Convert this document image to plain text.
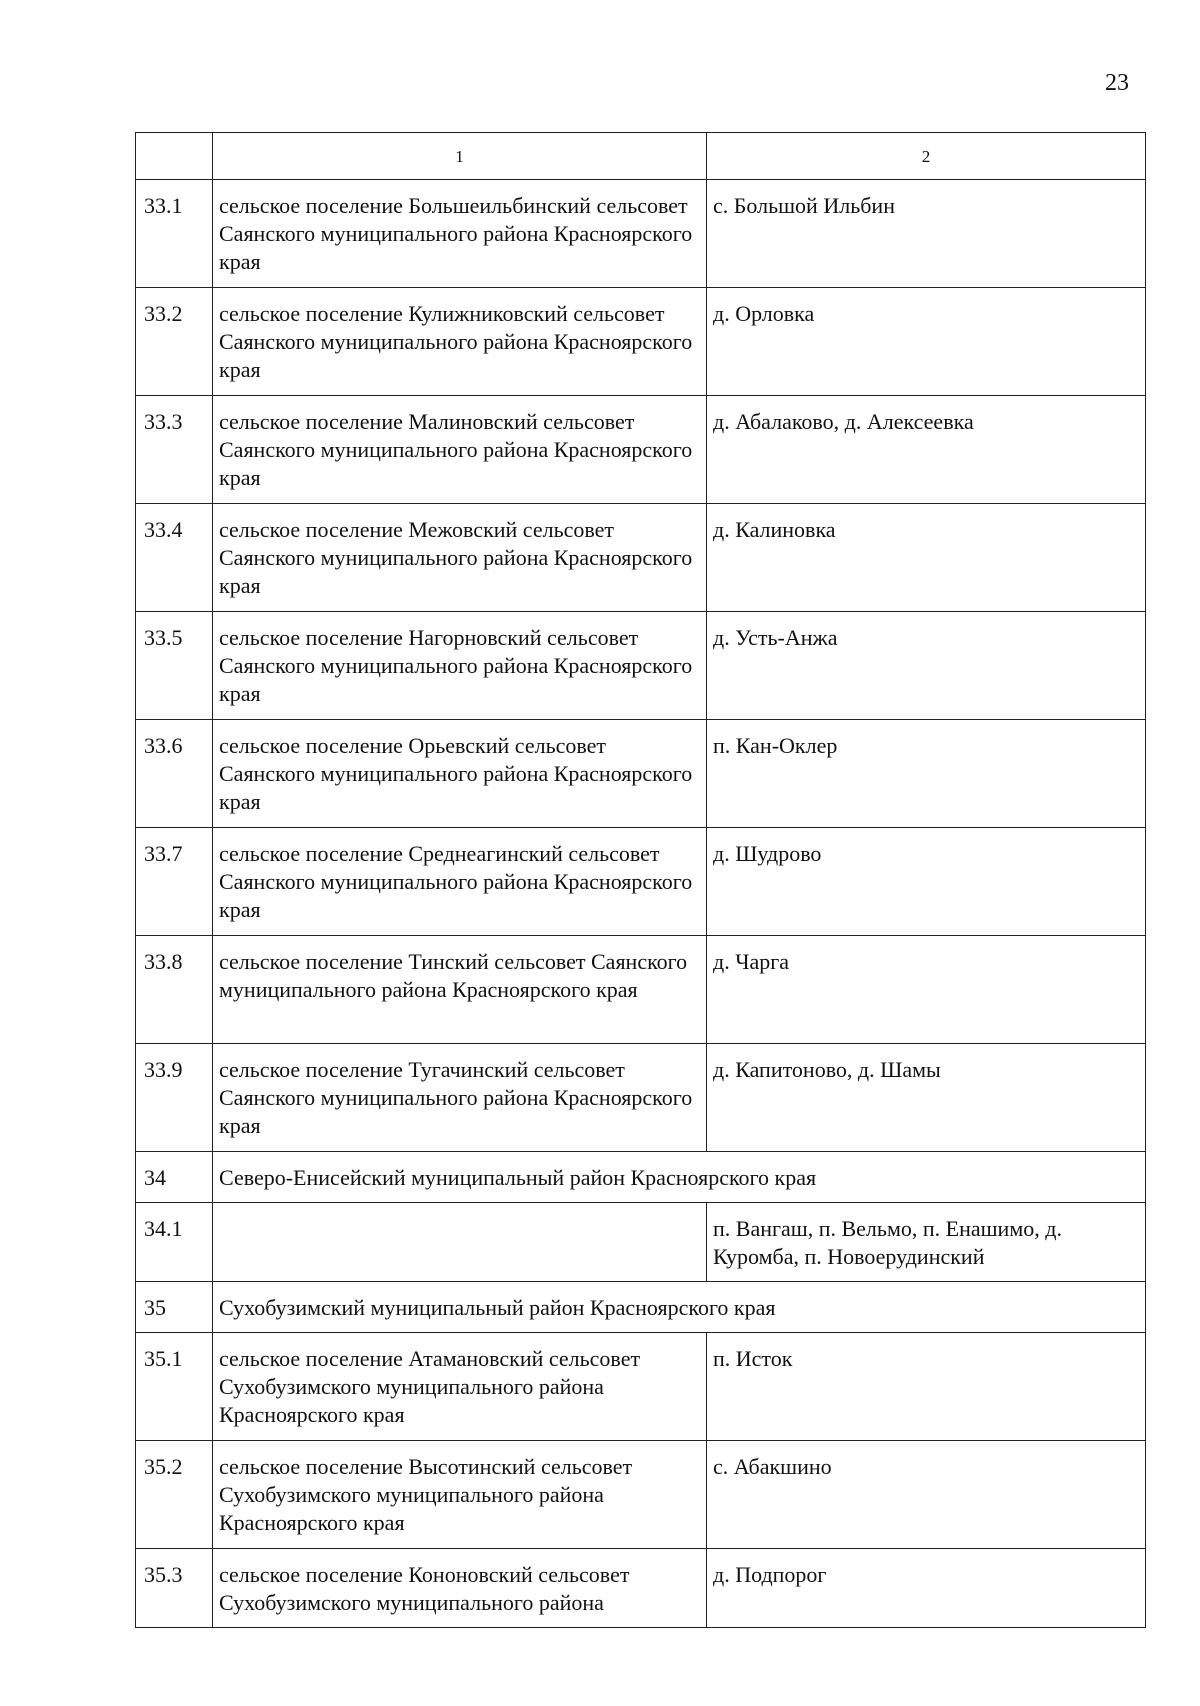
23
	1	2
33.1	сельское поселение Большеильбинский сельсовет Саянского муниципального района Красноярского края	с. Большой Ильбин
33.2	сельское поселение Кулижниковский сельсовет Саянского муниципального района Красноярского края	д. Орловка
33.3	сельское поселение Малиновский сельсовет Саянского муниципального района Красноярского края	д. Абалаково, д. Алексеевка
33.4	сельское поселение Межовский сельсовет Саянского муниципального района Красноярского края	д. Калиновка
33.5	сельское поселение Нагорновский сельсовет Саянского муниципального района Красноярского края	д. Усть-Анжа
33.6	сельское поселение Орьевский сельсовет Саянского муниципального района Красноярского края	п. Кан-Оклер
33.7	сельское поселение Среднеагинский сельсовет Саянского муниципального района Красноярского края	д. Шудрово
33.8	сельское поселение Тинский сельсовет Саянского муниципального района Красноярского края	д. Чарга
33.9	сельское поселение Тугачинский сельсовет Саянского муниципального района Красноярского края	д. Капитоново, д. Шамы
34	Северо-Енисейский муниципальный район Красноярского края	
34.1		п. Вангаш, п. Вельмо, п. Енашимо, д. Куромба, п. Новоерудинский
35	Сухобузимский муниципальный район Красноярского края	
35.1	сельское поселение Атамановский сельсовет Сухобузимского муниципального района Красноярского края	п. Исток
35.2	сельское поселение Высотинский сельсовет Сухобузимского муниципального района Красноярского края	с. Абакшино
35.3	сельское поселение Кононовский сельсовет Сухобузимского муниципального района	д. Подпорог
